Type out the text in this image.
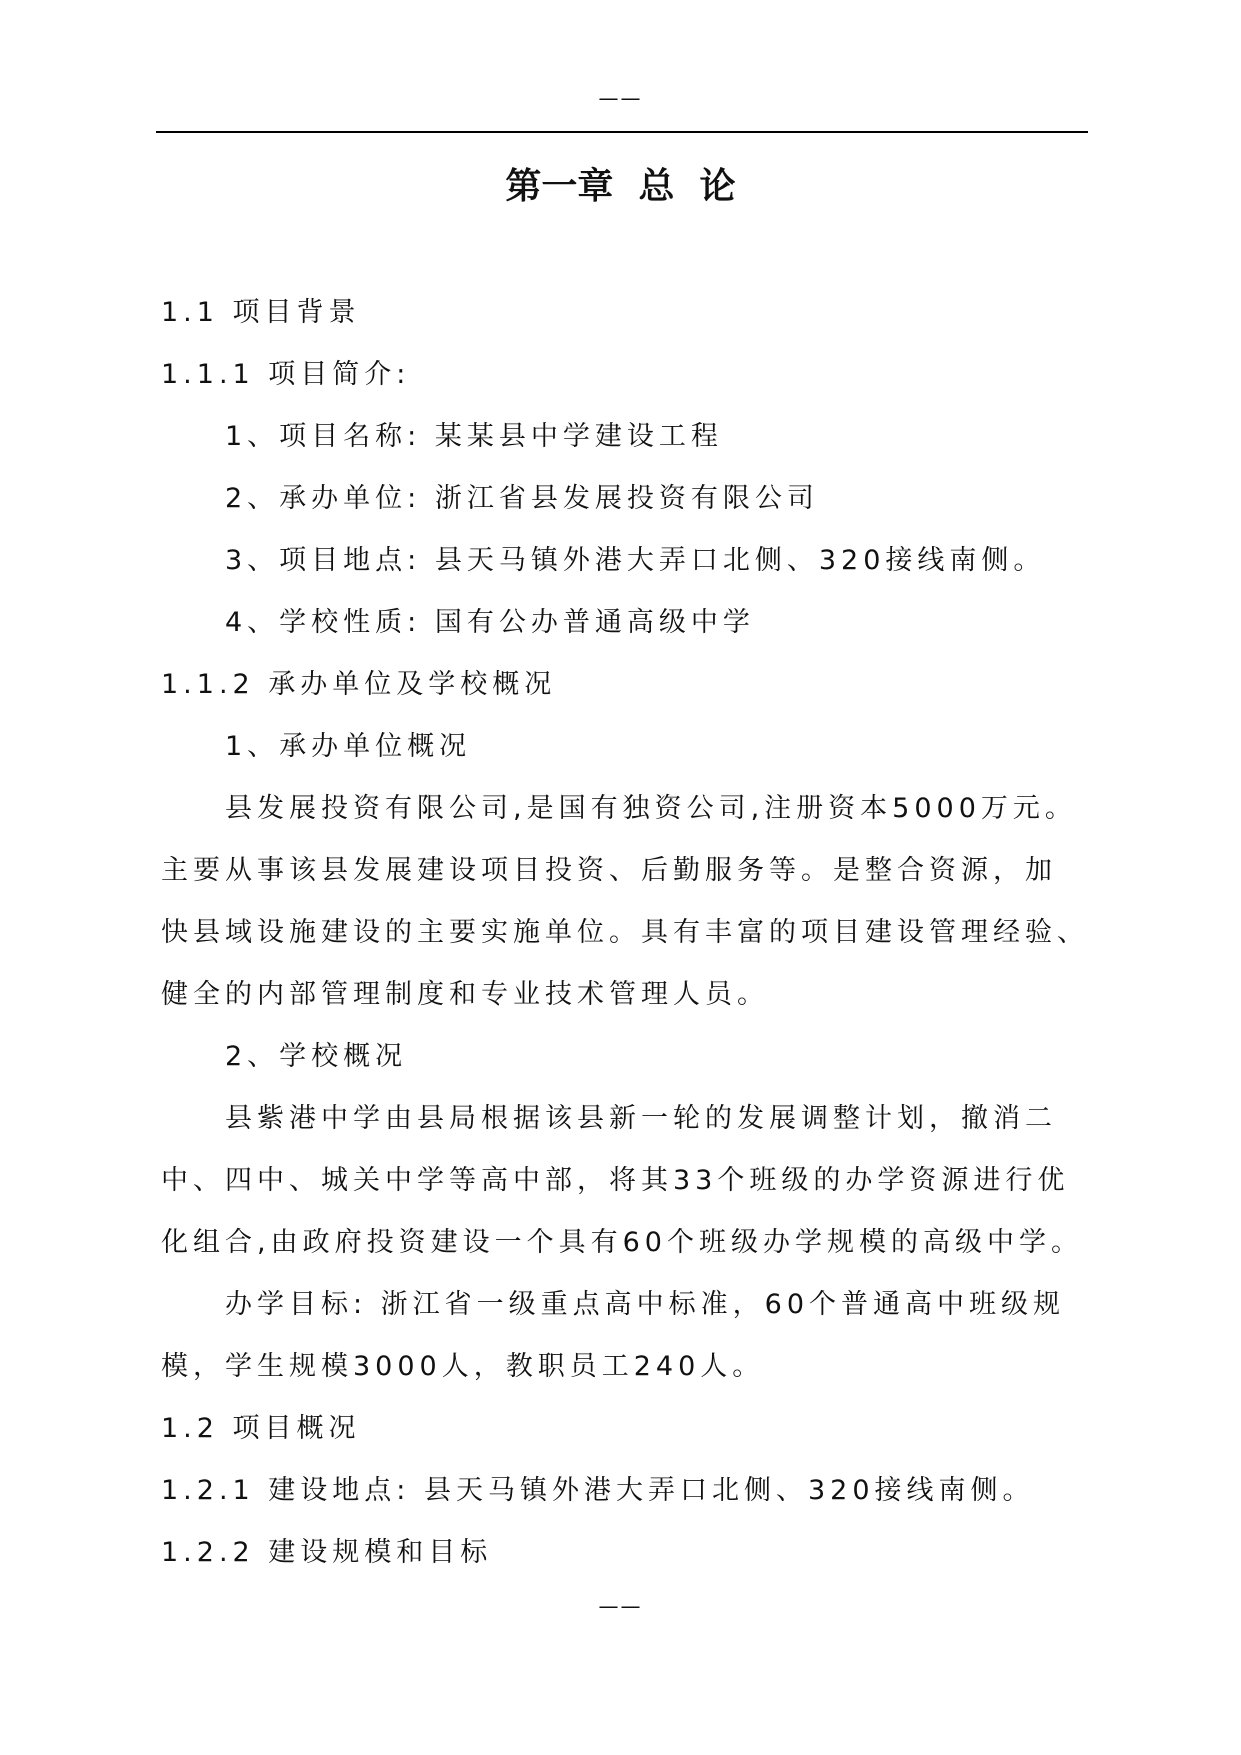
——
第一章  总  论
1.1 项目背景
1.1.1 项目简介:
1、项目名称: 某某县中学建设工程
2、承办单位: 浙江省县发展投资有限公司
3、项目地点: 县天马镇外港大弄口北侧、320接线南侧。
4、学校性质: 国有公办普通高级中学
1.1.2 承办单位及学校概况
1、承办单位概况
县发展投资有限公司,是国有独资公司,注册资本5000万元。
主要从事该县发展建设项目投资、后勤服务等。是整合资源，加
快县域设施建设的主要实施单位。具有丰富的项目建设管理经验、
健全的内部管理制度和专业技术管理人员。
2、学校概况
县紫港中学由县局根据该县新一轮的发展调整计划，撤消二
中、四中、城关中学等高中部，将其33个班级的办学资源进行优
化组合,由政府投资建设一个具有60个班级办学规模的高级中学。
办学目标: 浙江省一级重点高中标准，60个普通高中班级规
模，学生规模3000人，教职员工240人。
1.2 项目概况
1.2.1 建设地点: 县天马镇外港大弄口北侧、320接线南侧。
1.2.2 建设规模和目标
——
